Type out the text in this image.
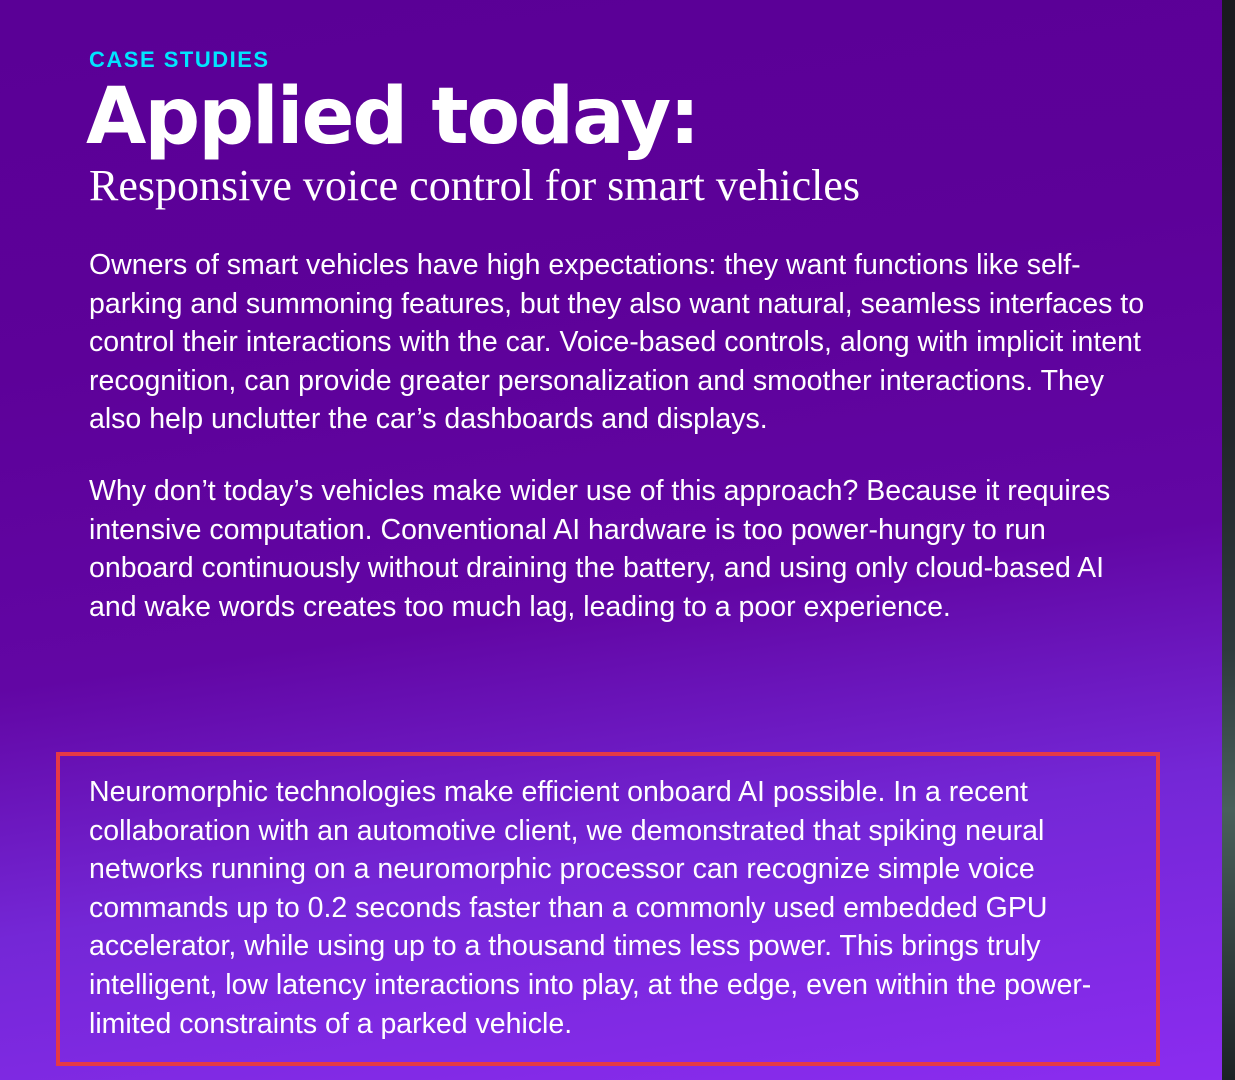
CASE STUDIES

Applied today:
Responsive voice control for smart vehicles

Owners of smart vehicles have high expectations: they want functions like self-parking and summoning features, but they also want natural, seamless interfaces to control their interactions with the car. Voice-based controls, along with implicit intent recognition, can provide greater personalization and smoother interactions. They also help unclutter the car’s dashboards and displays.

Why don’t today’s vehicles make wider use of this approach? Because it requires intensive computation. Conventional AI hardware is too power-hungry to run onboard continuously without draining the battery, and using only cloud-based AI and wake words creates too much lag, leading to a poor experience.

Neuromorphic technologies make efficient onboard AI possible. In a recent collaboration with an automotive client, we demonstrated that spiking neural networks running on a neuromorphic processor can recognize simple voice commands up to 0.2 seconds faster than a commonly used embedded GPU accelerator, while using up to a thousand times less power. This brings truly intelligent, low latency interactions into play, at the edge, even within the power-limited constraints of a parked vehicle.
